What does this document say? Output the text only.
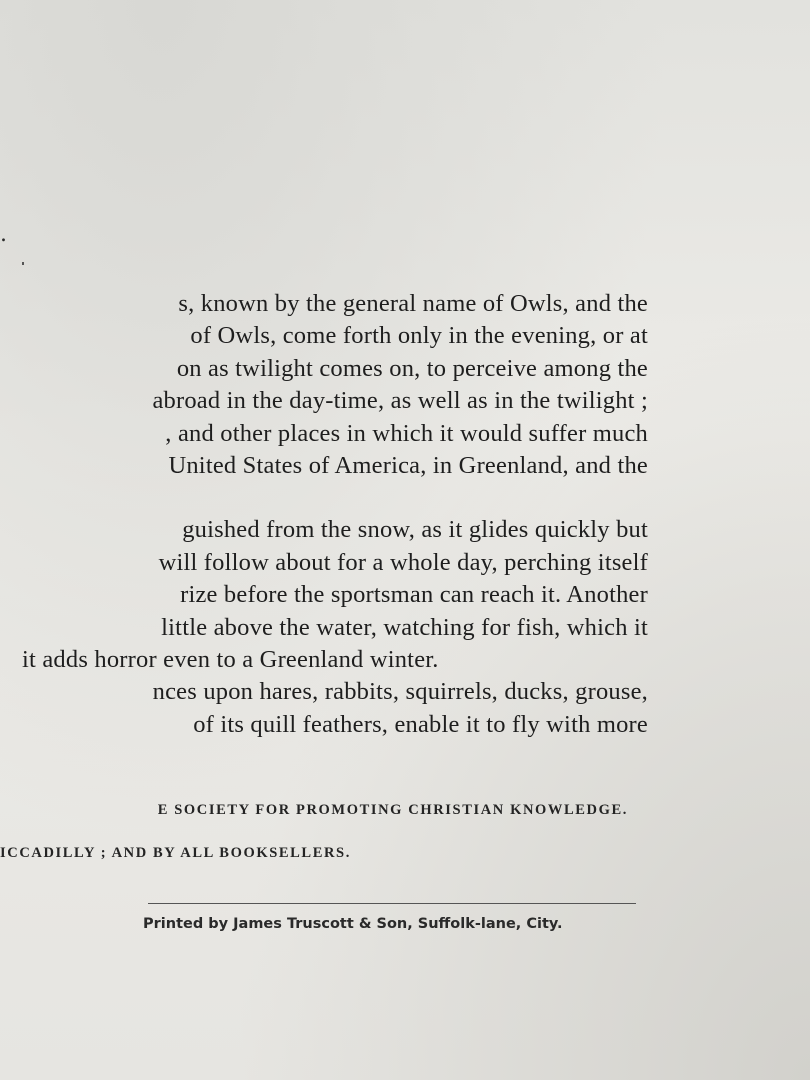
.
s, known by the general name of Owls, and the
of Owls, come forth only in the evening, or at
on as twilight comes on, to perceive among the
abroad in the day-time, as well as in the twilight ;
, and other places in which it would suffer much
United States of America, in Greenland, and the
guished from the snow, as it glides quickly but
will follow about for a whole day, perching itself
rize before the sportsman can reach it. Another
little above the water, watching for fish, which it
it adds horror even to a Greenland winter.
nces upon hares, rabbits, squirrels, ducks, grouse,
of its quill feathers, enable it to fly with more
E SOCIETY FOR PROMOTING CHRISTIAN KNOWLEDGE.
ICCADILLY ; AND BY ALL BOOKSELLERS.
Printed by James Truscott & Son, Suffolk-lane, City.
